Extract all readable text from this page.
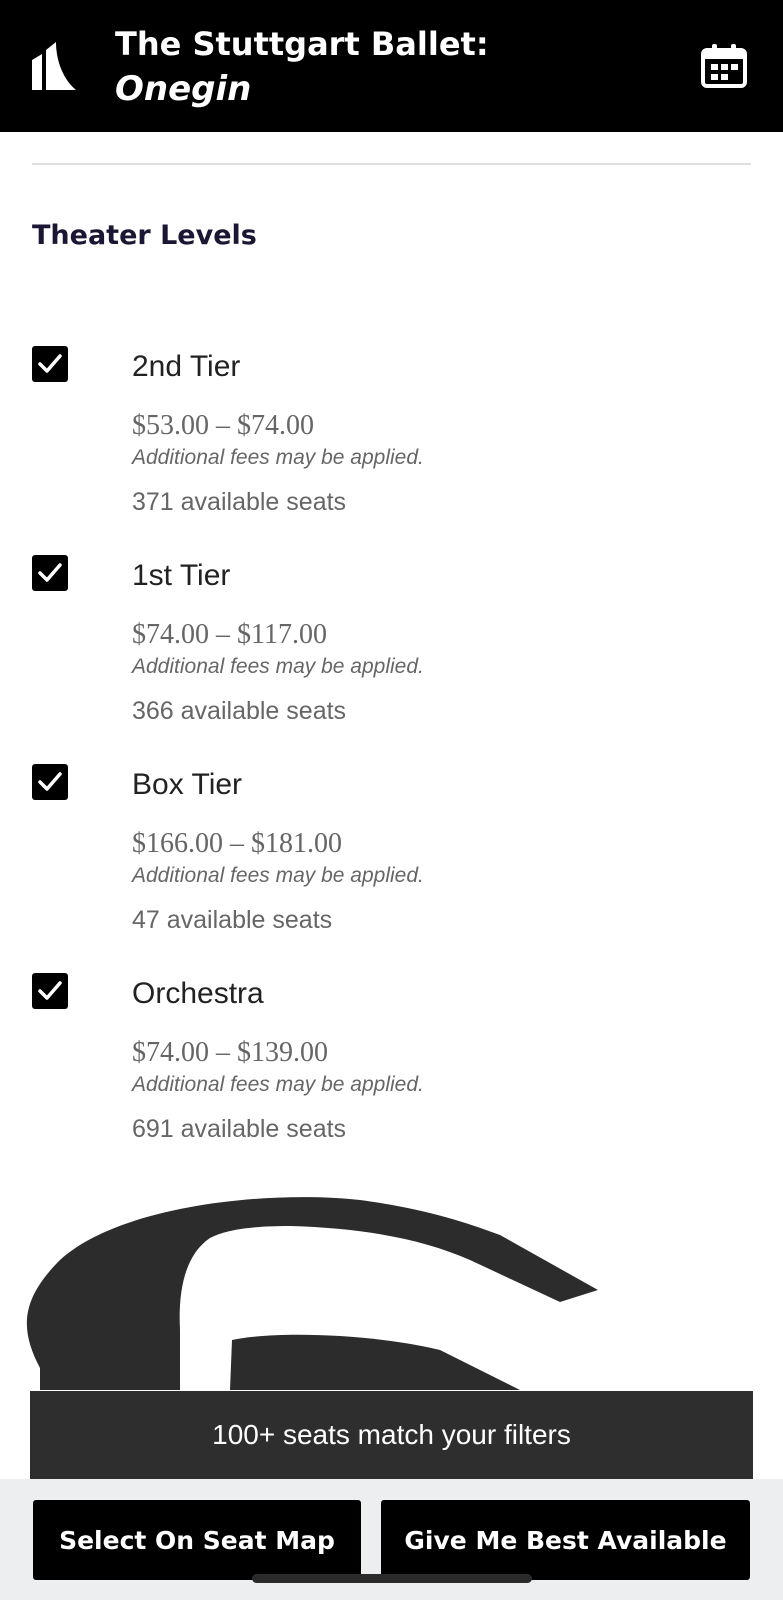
The Stuttgart Ballet:
Onegin
Theater Levels
2nd Tier
$53.00 – $74.00
Additional fees may be applied.
371 available seats
1st Tier
$74.00 – $117.00
Additional fees may be applied.
366 available seats
Box Tier
$166.00 – $181.00
Additional fees may be applied.
47 available seats
Orchestra
$74.00 – $139.00
Additional fees may be applied.
691 available seats
100+ seats match your filters
Select On Seat Map	Give Me Best Available
